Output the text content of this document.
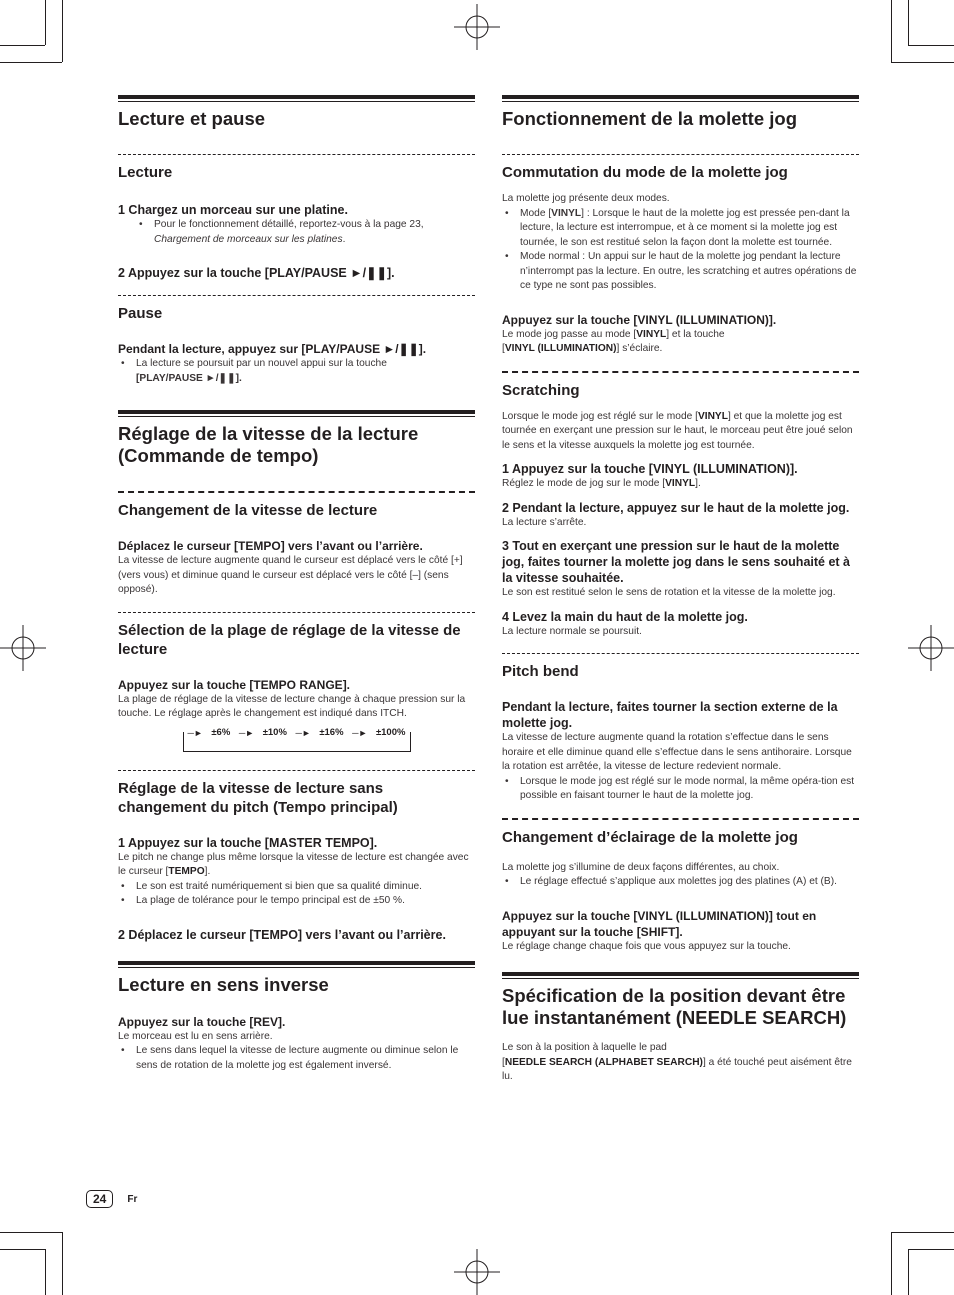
Lecture et pause
Lecture
1 Chargez un morceau sur une platine.
• Pour le fonctionnement détaillé, reportez-vous à la page 23,
Chargement de morceaux sur les platines.
2 Appuyez sur la touche [PLAY/PAUSE ►/❚❚].
Pause
Pendant la lecture, appuyez sur [PLAY/PAUSE ►/❚❚].
• La lecture se poursuit par un nouvel appui sur la touche
[PLAY/PAUSE ►/❚❚].
Réglage de la vitesse de la lecture (Commande de tempo)
Changement de la vitesse de lecture
Déplacez le curseur [TEMPO] vers l’avant ou l’arrière.
La vitesse de lecture augmente quand le curseur est déplacé vers le côté [+] (vers vous) et diminue quand le curseur est déplacé vers le côté [–] (sens opposé).
Sélection de la plage de réglage de la vitesse de lecture
Appuyez sur la touche [TEMPO RANGE].
La plage de réglage de la vitesse de lecture change à chaque pression sur la touche. Le réglage après le changement est indiqué dans ITCH.
─► ±6% ─► ±10% ─► ±16% ─► ±100%
Réglage de la vitesse de lecture sans changement du pitch (Tempo principal)
1 Appuyez sur la touche [MASTER TEMPO].
Le pitch ne change plus même lorsque la vitesse de lecture est changée avec le curseur [TEMPO].
• Le son est traité numériquement si bien que sa qualité diminue.
• La plage de tolérance pour le tempo principal est de ±50 %.
2 Déplacez le curseur [TEMPO] vers l’avant ou l’arrière.
Lecture en sens inverse
Appuyez sur la touche [REV].
Le morceau est lu en sens arrière.
• Le sens dans lequel la vitesse de lecture augmente ou diminue selon le sens de rotation de la molette jog est également inversé.
Fonctionnement de la molette jog
Commutation du mode de la molette jog
La molette jog présente deux modes.
• Mode [VINYL] : Lorsque le haut de la molette jog est pressée pen-dant la lecture, la lecture est interrompue, et à ce moment si la molette jog est tournée, le son est restitué selon la façon dont la molette est tournée.
• Mode normal : Un appui sur le haut de la molette jog pendant la lecture n’interrompt pas la lecture. En outre, les scratching et autres opérations de ce type ne sont pas possibles.
Appuyez sur la touche [VINYL (ILLUMINATION)].
Le mode jog passe au mode [VINYL] et la touche
[VINYL (ILLUMINATION)] s’éclaire.
Scratching
Lorsque le mode jog est réglé sur le mode [VINYL] et que la molette jog est tournée en exerçant une pression sur le haut, le morceau peut être joué selon le sens et la vitesse auxquels la molette jog est tournée.
1 Appuyez sur la touche [VINYL (ILLUMINATION)].
Réglez le mode de jog sur le mode [VINYL].
2 Pendant la lecture, appuyez sur le haut de la molette jog.
La lecture s’arrête.
3 Tout en exerçant une pression sur le haut de la molette jog, faites tourner la molette jog dans le sens souhaité et à la vitesse souhaitée.
Le son est restitué selon le sens de rotation et la vitesse de la molette jog.
4 Levez la main du haut de la molette jog.
La lecture normale se poursuit.
Pitch bend
Pendant la lecture, faites tourner la section externe de la molette jog.
La vitesse de lecture augmente quand la rotation s’effectue dans le sens horaire et elle diminue quand elle s’effectue dans le sens antihoraire. Lorsque la rotation est arrêtée, la vitesse de lecture redevient normale.
• Lorsque le mode jog est réglé sur le mode normal, la même opéra-tion est possible en faisant tourner le haut de la molette jog.
Changement d’éclairage de la molette jog
La molette jog s’illumine de deux façons différentes, au choix.
• Le réglage effectué s’applique aux molettes jog des platines (A) et (B).
Appuyez sur la touche [VINYL (ILLUMINATION)] tout en appuyant sur la touche [SHIFT].
Le réglage change chaque fois que vous appuyez sur la touche.
Spécification de la position devant être lue instantanément (NEEDLE SEARCH)
Le son à la position à laquelle le pad
[NEEDLE SEARCH (ALPHABET SEARCH)] a été touché peut aisément être lu.
24	Fr
